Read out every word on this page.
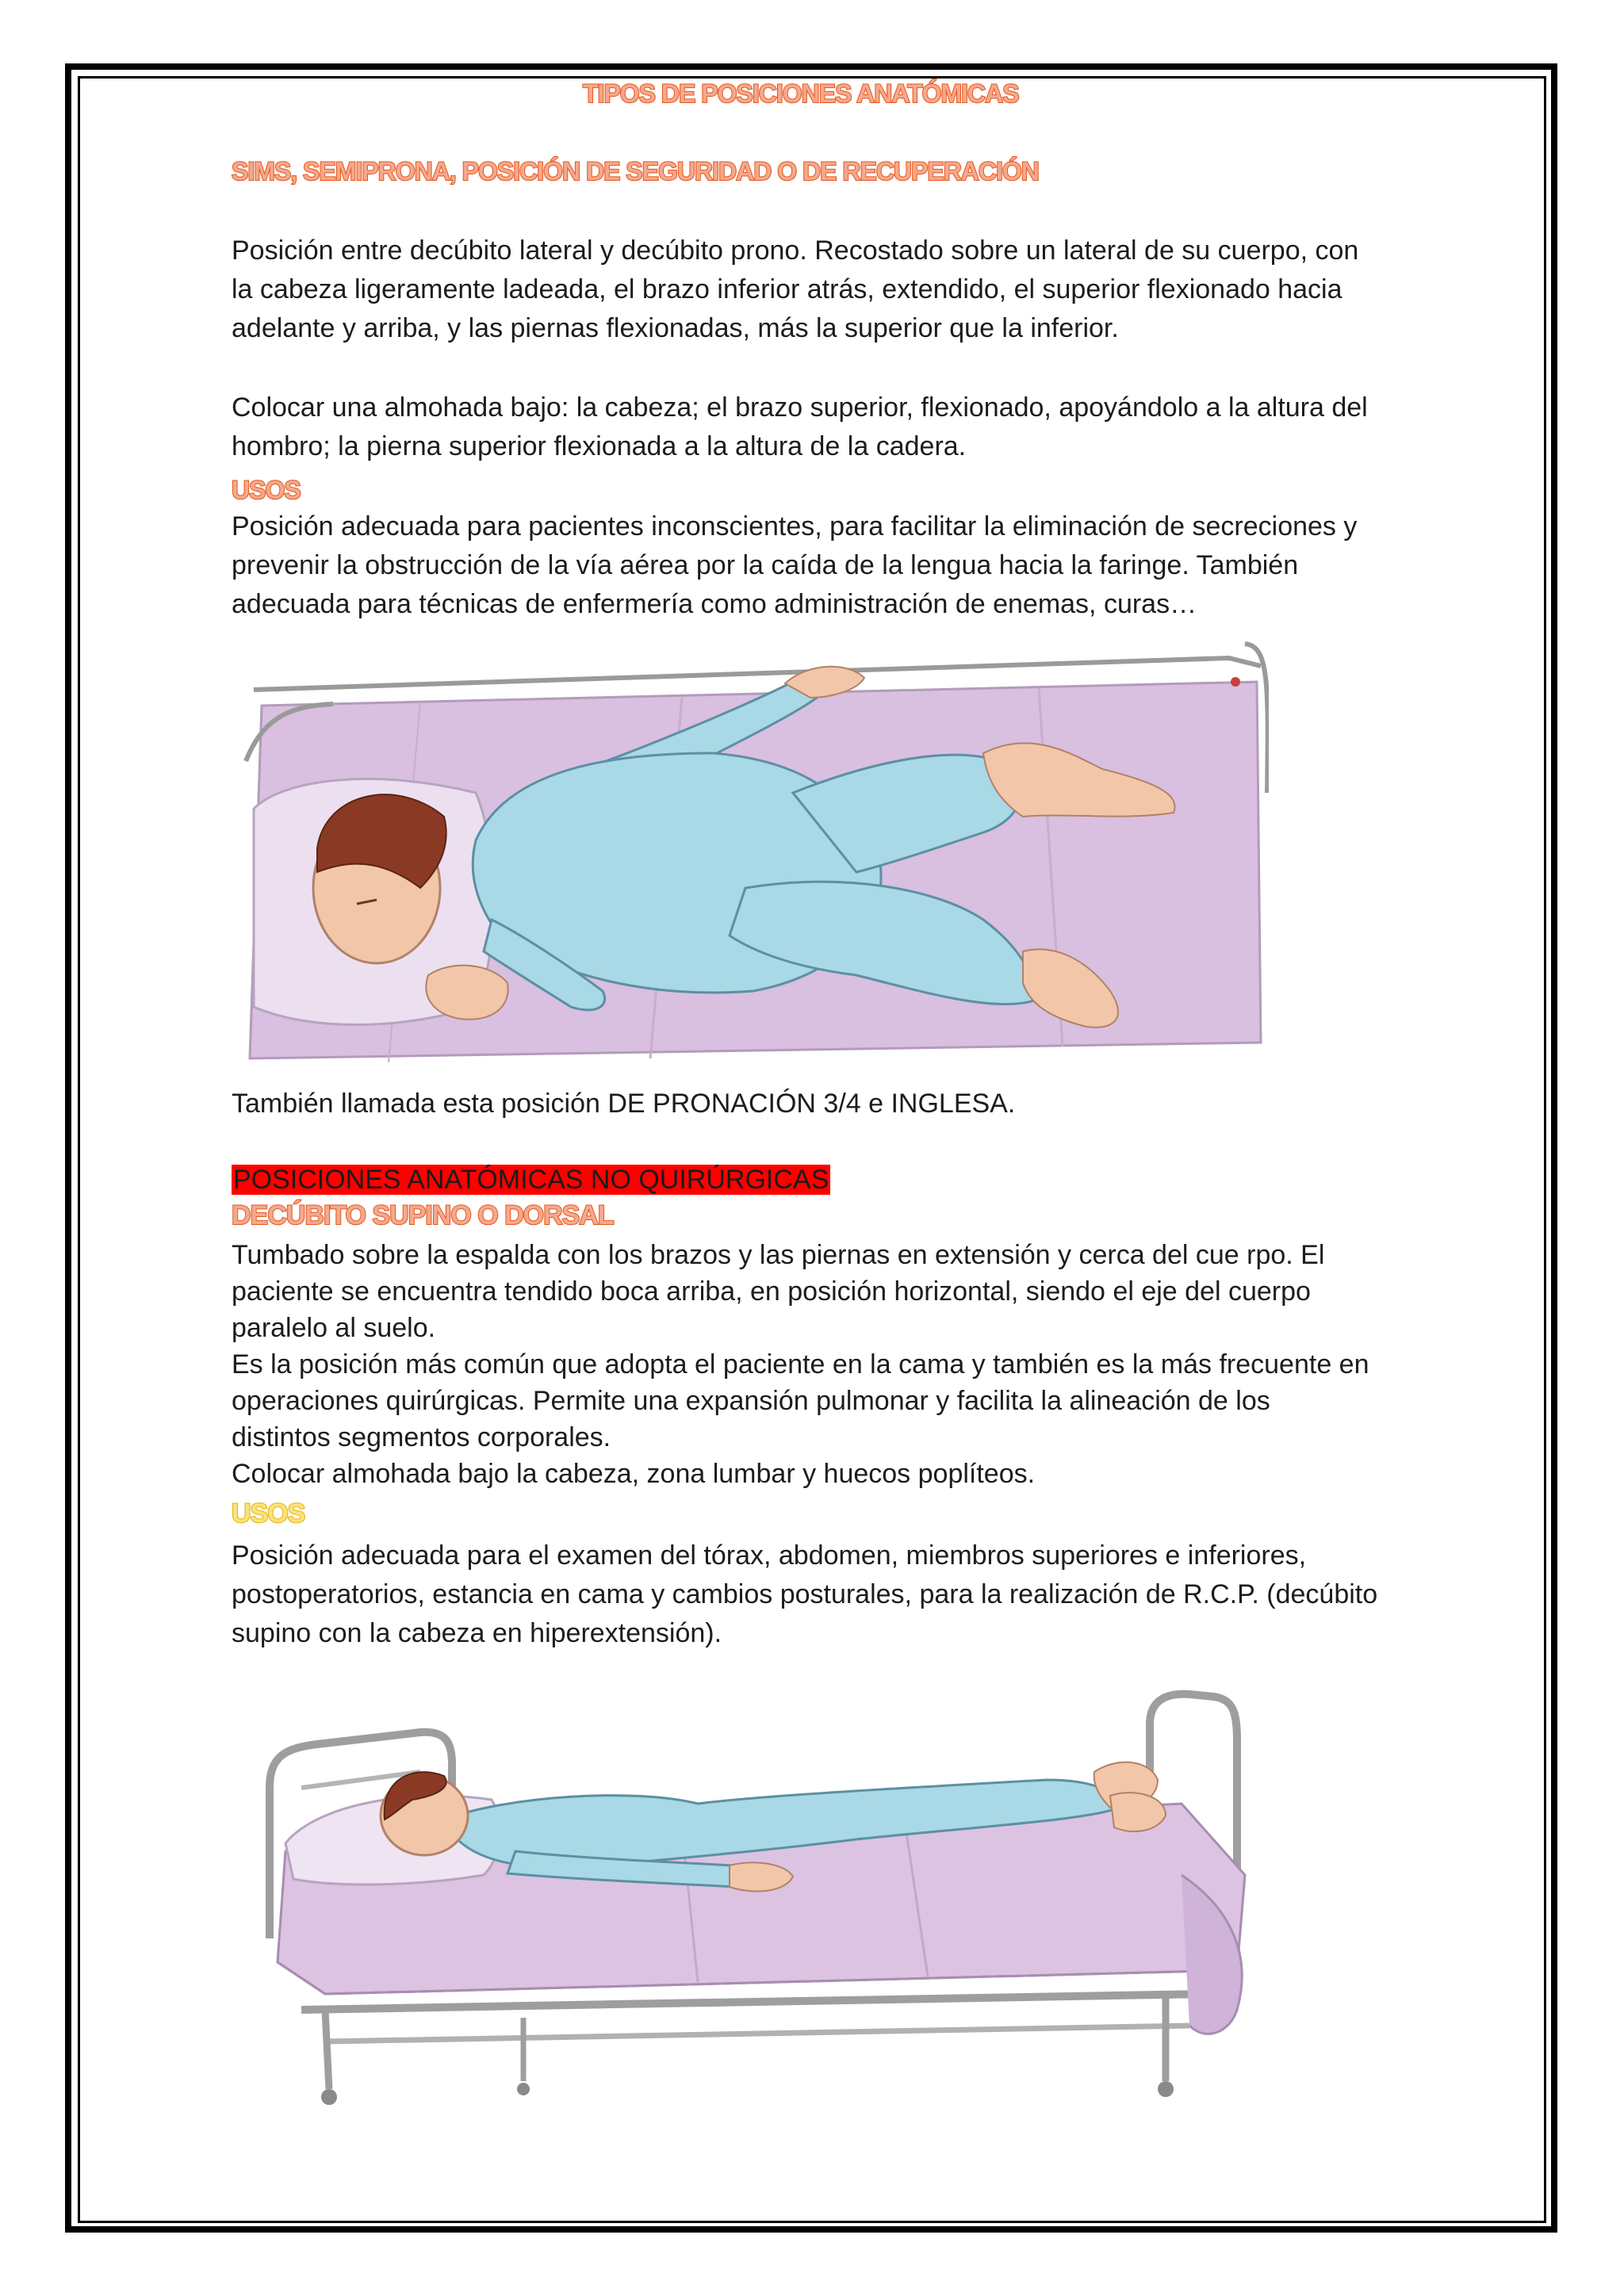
TIPOS DE POSICIONES ANATÓMICAS
SIMS, SEMIPRONA, POSICIÓN DE SEGURIDAD O DE RECUPERACIÓN

Posición entre decúbito lateral y decúbito prono. Recostado sobre un lateral de su cuerpo, con

la cabeza ligeramente ladeada, el brazo inferior atrás, extendido, el superior flexionado hacia

adelante y arriba, y las piernas flexionadas, más la superior que la inferior.

Colocar una almohada bajo: la cabeza; el brazo superior, flexionado, apoyándolo a la altura del

hombro; la pierna superior flexionada a la altura de la cadera.

USOS

Posición adecuada para pacientes inconscientes, para facilitar la eliminación de secreciones y

prevenir la obstrucción de la vía aérea por la caída de la lengua hacia la faringe. También

adecuada para técnicas de enfermería como administración de enemas, curas…

También llamada esta posición DE PRONACIÓN 3/4 e INGLESA.
POSICIONES ANATÓMICAS NO QUIRÚRGICAS
DECÚBITO SUPINO O DORSAL

Tumbado sobre la espalda con los brazos y las piernas en extensión y cerca del cue rpo. El

paciente se encuentra tendido boca arriba, en posición horizontal, siendo el eje del cuerpo

paralelo al suelo.

Es la posición más común que adopta el paciente en la cama y también es la más frecuente en

operaciones quirúrgicas. Permite una expansión pulmonar y facilita la alineación de los

distintos segmentos corporales.

Colocar almohada bajo la cabeza, zona lumbar y huecos poplíteos.

USOS

Posición adecuada para el examen del tórax, abdomen, miembros superiores e inferiores,

postoperatorios, estancia en cama y cambios posturales, para la realización de R.C.P. (decúbito

supino con la cabeza en hiperextensión).
